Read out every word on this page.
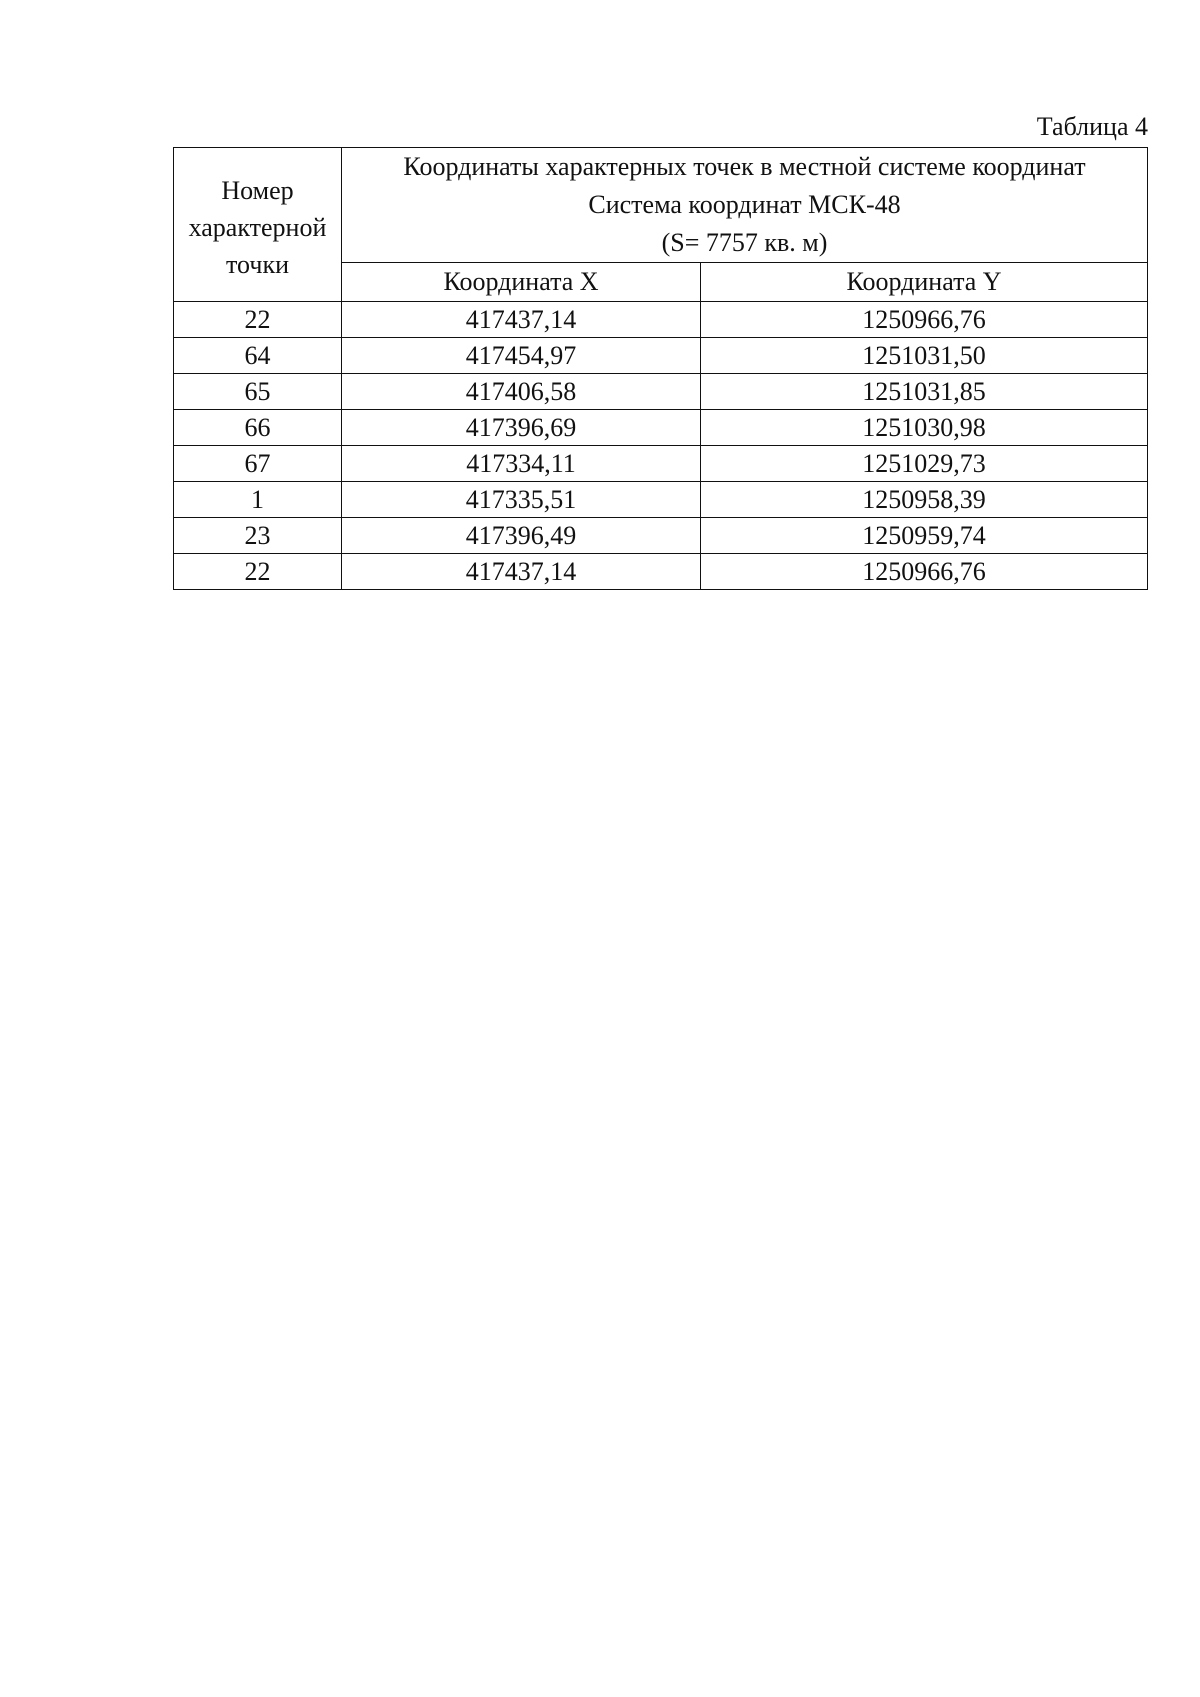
Таблица 4
Номер
характерной
точки	Координаты характерных точек в местной системе координат
Система координат МСК-48
(S= 7757 кв. м)	

	Координата X	Координата Y
22	417437,14	1250966,76
64	417454,97	1251031,50
65	417406,58	1251031,85
66	417396,69	1251030,98
67	417334,11	1251029,73
1	417335,51	1250958,39
23	417396,49	1250959,74
22	417437,14	1250966,76
